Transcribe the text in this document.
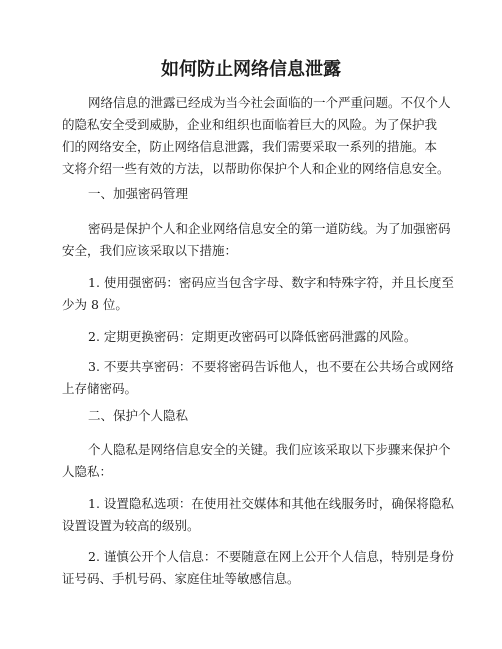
如何防止网络信息泄露

网络信息的泄露已经成为当今社会面临的一个严重问题。不仅个人
的隐私安全受到威胁，企业和组织也面临着巨大的风险。为了保护我
们的网络安全，防止网络信息泄露，我们需要采取一系列的措施。本
文将介绍一些有效的方法，以帮助你保护个人和企业的网络信息安全。

一、加强密码管理

密码是保护个人和企业网络信息安全的第一道防线。为了加强密码
安全，我们应该采取以下措施：

1. 使用强密码：密码应当包含字母、数字和特殊字符，并且长度至
少为 8 位。

2. 定期更换密码：定期更改密码可以降低密码泄露的风险。

3. 不要共享密码：不要将密码告诉他人，也不要在公共场合或网络
上存储密码。

二、保护个人隐私

个人隐私是网络信息安全的关键。我们应该采取以下步骤来保护个
人隐私：

1. 设置隐私选项：在使用社交媒体和其他在线服务时，确保将隐私
设置设置为较高的级别。

2. 谨慎公开个人信息：不要随意在网上公开个人信息，特别是身份
证号码、手机号码、家庭住址等敏感信息。
